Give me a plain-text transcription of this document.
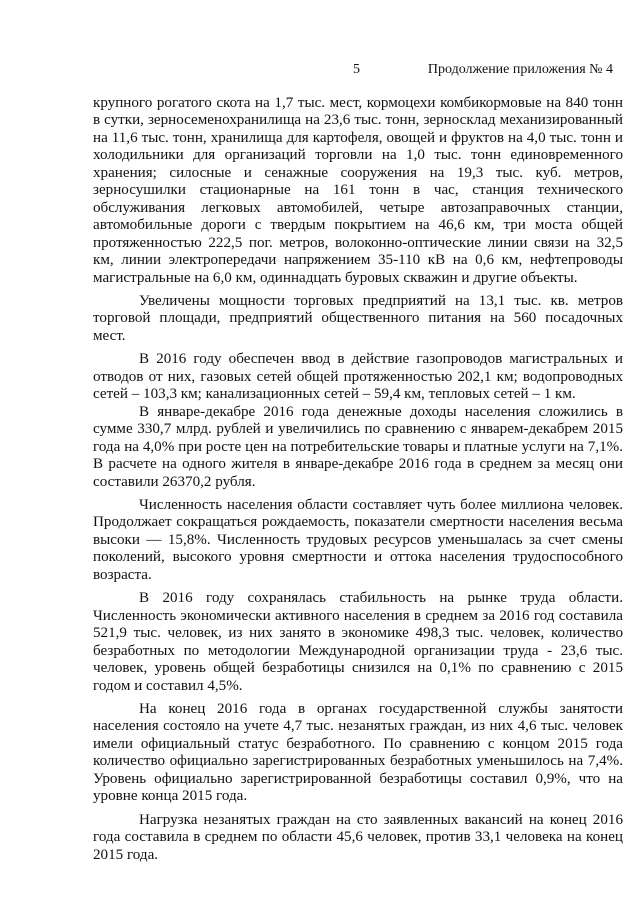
5	Продолжение приложения № 4

крупного рогатого скота на 1,7 тыс. мест, кормоцехи комбикормовые на 840 тонн в сутки, зерносеменохранилища на 23,6 тыс. тонн, зерносклад механизированный на 11,6 тыс. тонн, хранилища для картофеля, овощей и фруктов на 4,0 тыс. тонн и холодильники для организаций торговли на 1,0 тыс. тонн единовременного хранения; силосные и сенажные сооружения на 19,3 тыс. куб. метров, зерносушилки стационарные на 161 тонн в час, станция технического обслуживания легковых автомобилей, четыре автозаправочных станции, автомобильные дороги с твердым покрытием на 46,6 км, три моста общей протяженностью 222,5 пог. метров, волоконно-оптические линии связи на 32,5 км, линии электропередачи напряжением 35-110 кВ на 0,6 км, нефтепроводы магистральные на 6,0 км, одиннадцать буровых скважин и другие объекты.

Увеличены мощности торговых предприятий на 13,1 тыс. кв. метров торговой площади, предприятий общественного питания на 560 посадочных мест.

В 2016 году обеспечен ввод в действие газопроводов магистральных и отводов от них, газовых сетей общей протяженностью 202,1 км; водопроводных сетей – 103,3 км; канализационных сетей – 59,4 км, тепловых сетей – 1 км.

В январе-декабре 2016 года денежные доходы населения сложились в сумме 330,7 млрд. рублей и увеличились по сравнению с январем-декабрем 2015 года на 4,0% при росте цен на потребительские товары и платные услуги на 7,1%. В расчете на одного жителя в январе-декабре 2016 года в среднем за месяц они составили 26370,2 рубля.

Численность населения области составляет чуть более миллиона человек. Продолжает сокращаться рождаемость, показатели смертности населения весьма высоки — 15,8%. Численность трудовых ресурсов уменьшалась за счет смены поколений, высокого уровня смертности и оттока населения трудоспособного возраста.

В 2016 году сохранялась стабильность на рынке труда области. Численность экономически активного населения в среднем за 2016 год составила 521,9 тыс. человек, из них занято в экономике 498,3 тыс. человек, количество безработных по методологии Международной организации труда - 23,6 тыс. человек, уровень общей безработицы снизился на 0,1% по сравнению с 2015 годом и составил 4,5%.

На конец 2016 года в органах государственной службы занятости населения состояло на учете 4,7 тыс. незанятых граждан, из них 4,6 тыс. человек имели официальный статус безработного. По сравнению с концом 2015 года количество официально зарегистрированных безработных уменьшилось на 7,4%. Уровень официально зарегистрированной безработицы составил 0,9%, что на уровне конца 2015 года.

Нагрузка незанятых граждан на сто заявленных вакансий на конец 2016 года составила в среднем по области 45,6 человек, против 33,1 человека на конец 2015 года.
